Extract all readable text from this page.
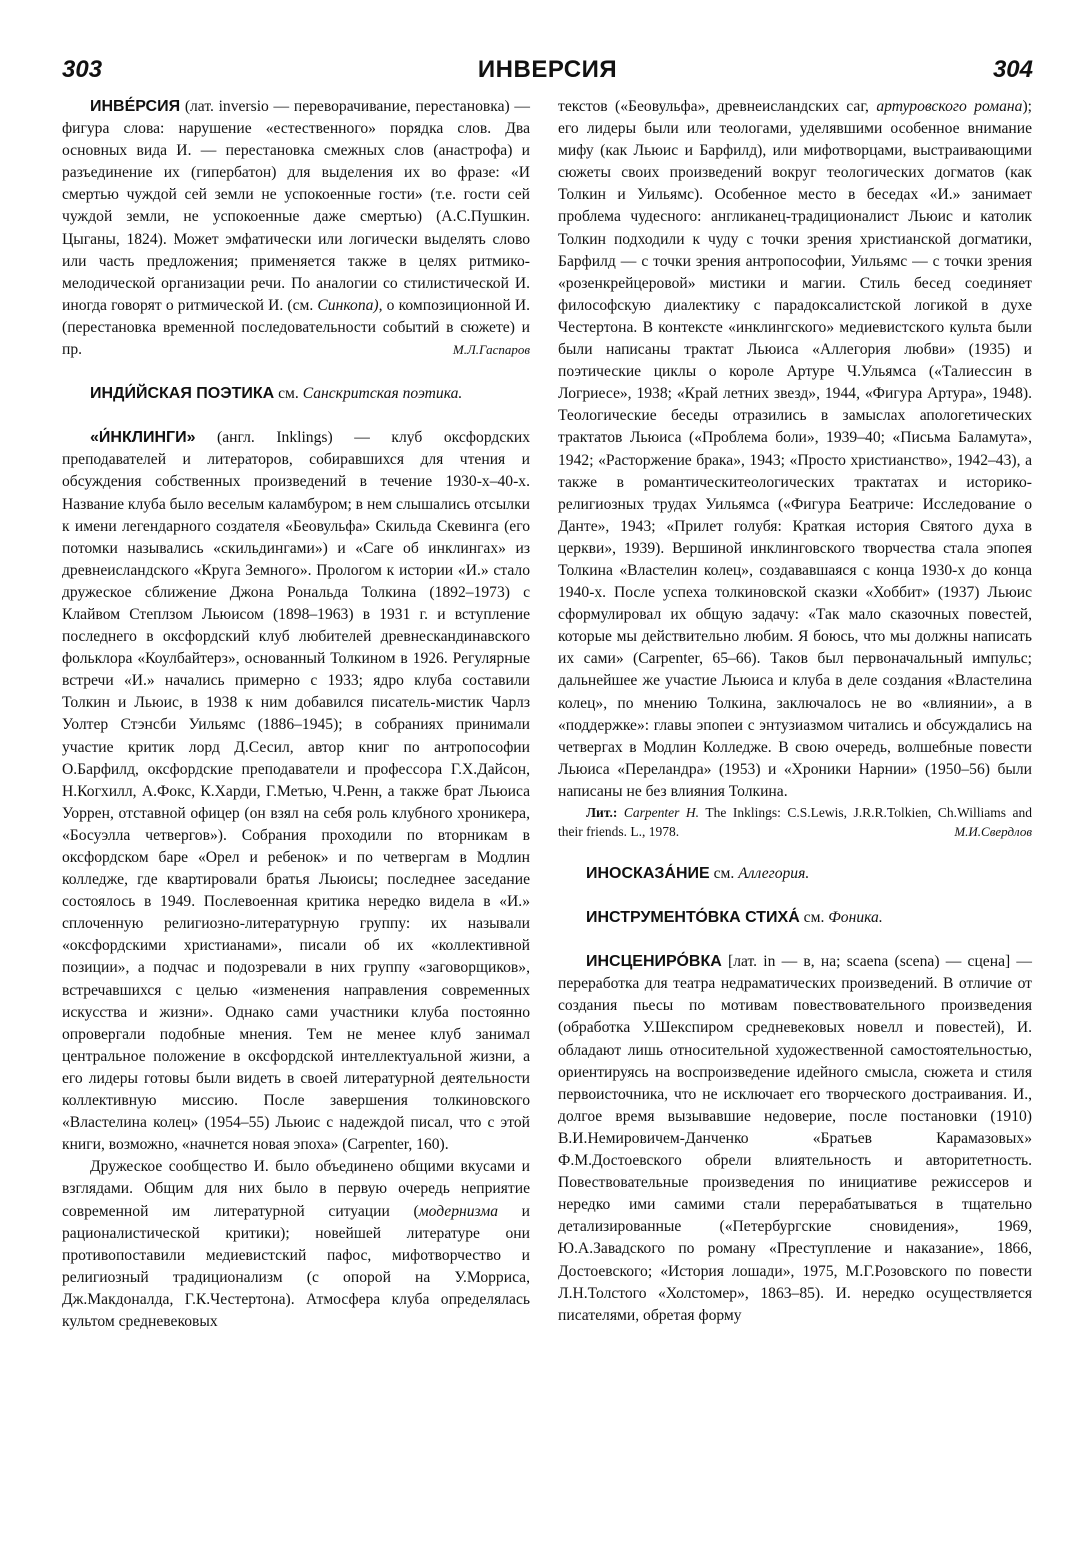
303	ИНВЕРСИЯ	304

ИНВЕ́РСИЯ (лат. inversio — переворачивание, перестановка) — фигура слова: нарушение «естественного» порядка слов. Два основных вида И. — перестановка смежных слов (анастрофа) и разъединение их (гипербатон) для выделения их во фразе: «И смертью чуждой сей земли не успокоенные гости» (т.е. гости сей чуждой земли, не успокоенные даже смертью) (А.С.Пушкин. Цыганы, 1824). Может эмфатически или логически выделять слово или часть предложения; применяется также в целях ритмико-мелодической организации речи. По аналогии со стилистической И. иногда говорят о ритмической И. (см. Синкопа), о композиционной И. (перестановка временной последовательности событий в сюжете) и пр.	М.Л.Гаспаров

ИНДИ́ЙСКАЯ ПОЭТИКА см. Санскритская поэтика.

«И́НКЛИНГИ» (англ. Inklings) — клуб оксфордских преподавателей и литераторов, собиравшихся для чтения и обсуждения собственных произведений в течение 1930-х–40-х. Название клуба было веселым каламбуром; в нем слышались отсылки к имени легендарного создателя «Беовульфа» Скильда Скевинга (его потомки назывались «скильдингами») и «Саге об инклингах» из древнеисландского «Круга Земного». Прологом к истории «И.» стало дружеское сближение Джона Рональда Толкина (1892–1973) с Клайвом Степлзом Льюисом (1898–1963) в 1931 г. и вступление последнего в оксфордский клуб любителей древнескандинавского фольклора «Коулбайтерз», основанный Толкином в 1926. Регулярные встречи «И.» начались примерно с 1933; ядро клуба составили Толкин и Льюис, в 1938 к ним добавился писатель-мистик Чарлз Уолтер Стэнсби Уильямс (1886–1945); в собраниях принимали участие критик лорд Д.Сесил, автор книг по антропософии О.Барфилд, оксфордские преподаватели и профессора Г.Х.Дайсон, Н.Когхилл, А.Фокс, К.Харди, Г.Метью, Ч.Ренн, а также брат Льюиса Уоррен, отставной офицер (он взял на себя роль клубного хроникера, «Босуэлла четвергов»). Собрания проходили по вторникам в оксфордском баре «Орел и ребенок» и по четвергам в Модлин колледже, где квартировали братья Льюисы; последнее заседание состоялось в 1949. Послевоенная критика нередко видела в «И.» сплоченную религиозно-литературную группу: их называли «оксфордскими христианами», писали об их «коллективной позиции», а подчас и подозревали в них группу «заговорщиков», встречавшихся с целью «изменения направления современных искусства и жизни». Однако сами участники клуба постоянно опровергали подобные мнения. Тем не менее клуб занимал центральное положение в оксфордской интеллектуальной жизни, а его лидеры готовы были видеть в своей литературной деятельности коллективную миссию. После завершения толкиновского «Властелина колец» (1954–55) Льюис с надеждой писал, что с этой книги, возможно, «начнется новая эпоха» (Carpenter, 160).

Дружеское сообщество И. было объединено общими вкусами и взглядами. Общим для них было в первую очередь неприятие современной им литературной ситуации (модернизма и рационалистической критики); новейшей литературе они противопоставили медиевистский пафос, мифотворчество и религиозный традиционализм (с опорой на У.Морриса, Дж.Макдоналда, Г.К.Честертона). Атмосфера клуба определялась культом средневековых

текстов («Беовульфа», древнеисландских саг, артуровского романа); его лидеры были или теологами, уделявшими особенное внимание мифу (как Льюис и Барфилд), или мифотворцами, выстраивающими сюжеты своих произведений вокруг теологических догматов (как Толкин и Уильямс). Особенное место в беседах «И.» занимает проблема чудесного: англиканец-традиционалист Льюис и католик Толкин подходили к чуду с точки зрения христианской догматики, Барфилд — с точки зрения антропософии, Уильямс — с точки зрения «розенкрейцеровой» мистики и магии. Стиль бесед соединяет философскую диалектику с парадоксалистской логикой в духе Честертона. В контексте «инклингского» медиевистского культа были были написаны трактат Льюиса «Аллегория любви» (1935) и поэтические циклы о короле Артуре Ч.Ульямса («Талиессин в Логриесе», 1938; «Край летних звезд», 1944, «Фигура Артура», 1948). Теологические беседы отразились в замыслах апологетических трактатов Льюиса («Проблема боли», 1939–40; «Письма Баламута», 1942; «Расторжение брака», 1943; «Просто христианство», 1942–43), а также в романтическитеологических трактатах и историко-религиозных трудах Уильямса («Фигура Беатриче: Исследование о Данте», 1943; «Прилет голубя: Краткая история Святого духа в церкви», 1939). Вершиной инклинговского творчества стала эпопея Толкина «Властелин колец», создававшаяся с конца 1930-х до конца 1940-х. После успеха толкиновской сказки «Хоббит» (1937) Льюис сформулировал их общую задачу: «Так мало сказочных повестей, которые мы действительно любим. Я боюсь, что мы должны написать их сами» (Carpenter, 65–66). Таков был первоначальный импульс; дальнейшее же участие Льюиса и клуба в деле создания «Властелина колец», по мнению Толкина, заключалось не во «влиянии», а в «поддержке»: главы эпопеи с энтузиазмом читались и обсуждались на четвергах в Модлин Колледже. В свою очередь, волшебные повести Льюиса «Переландра» (1953) и «Хроники Нарнии» (1950–56) были написаны не без влияния Толкина.

Лит.: Carpenter H. The Inklings: C.S.Lewis, J.R.R.Tolkien, Ch.Williams and their friends. L., 1978.	М.И.Свердлов

ИНОСКАЗА́НИЕ см. Аллегория.

ИНСТРУМЕНТО́ВКА СТИХА́ см. Фоника.

ИНСЦЕНИРО́ВКА [лат. in — в, на; scaena (scena) — сцена] — переработка для театра недраматических произведений. В отличие от создания пьесы по мотивам повествовательного произведения (обработка У.Шекспиром средневековых новелл и повестей), И. обладают лишь относительной художественной самостоятельностью, ориентируясь на воспроизведение идейного смысла, сюжета и стиля первоисточника, что не исключает его творческого достраивания. И., долгое время вызывавшие недоверие, после постановки (1910) В.И.Немировичем-Данченко «Братьев Карамазовых» Ф.М.Достоевского обрели влиятельность и авторитетность. Повествовательные произведения по инициативе режиссеров и нередко ими самими стали перерабатываться в тщательно детализированные («Петербургские сновидения», 1969, Ю.А.Завадского по роману «Преступление и наказание», 1866, Достоевского; «История лошади», 1975, М.Г.Розовского по повести Л.Н.Толстого «Холстомер», 1863–85). И. нередко осуществляется писателями, обретая форму
